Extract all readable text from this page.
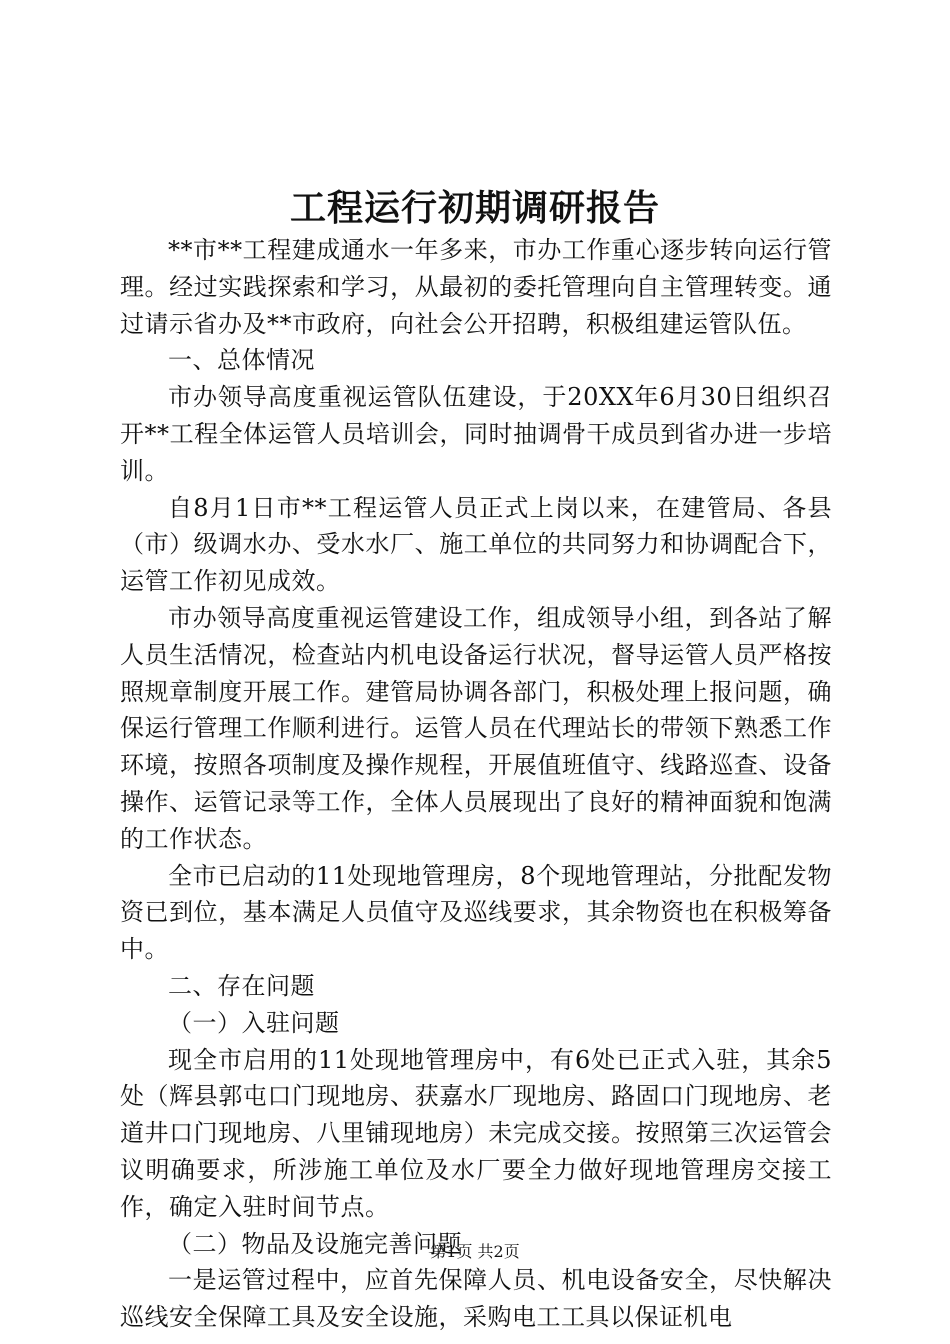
工程运行初期调研报告

**市**工程建成通水一年多来，市办工作重心逐步转向运行管理。经过实践探索和学习，从最初的委托管理向自主管理转变。通过请示省办及**市政府，向社会公开招聘，积极组建运管队伍。

一、总体情况

市办领导高度重视运管队伍建设，于20XX年6月30日组织召开**工程全体运管人员培训会，同时抽调骨干成员到省办进一步培训。

自8月1日市**工程运管人员正式上岗以来，在建管局、各县（市）级调水办、受水水厂、施工单位的共同努力和协调配合下，运管工作初见成效。

市办领导高度重视运管建设工作，组成领导小组，到各站了解人员生活情况，检查站内机电设备运行状况，督导运管人员严格按照规章制度开展工作。建管局协调各部门，积极处理上报问题，确保运行管理工作顺利进行。运管人员在代理站长的带领下熟悉工作环境，按照各项制度及操作规程，开展值班值守、线路巡查、设备操作、运管记录等工作，全体人员展现出了良好的精神面貌和饱满的工作状态。

全市已启动的11处现地管理房，8个现地管理站，分批配发物资已到位，基本满足人员值守及巡线要求，其余物资也在积极筹备中。

二、存在问题

（一）入驻问题

现全市启用的11处现地管理房中，有6处已正式入驻，其余5处（辉县郭屯口门现地房、获嘉水厂现地房、路固口门现地房、老道井口门现地房、八里铺现地房）未完成交接。按照第三次运管会议明确要求，所涉施工单位及水厂要全力做好现地管理房交接工作，确定入驻时间节点。

（二）物品及设施完善问题

一是运管过程中，应首先保障人员、机电设备安全，尽快解决巡线安全保障工具及安全设施，采购电工工具以保证机电

第1页 共2页
